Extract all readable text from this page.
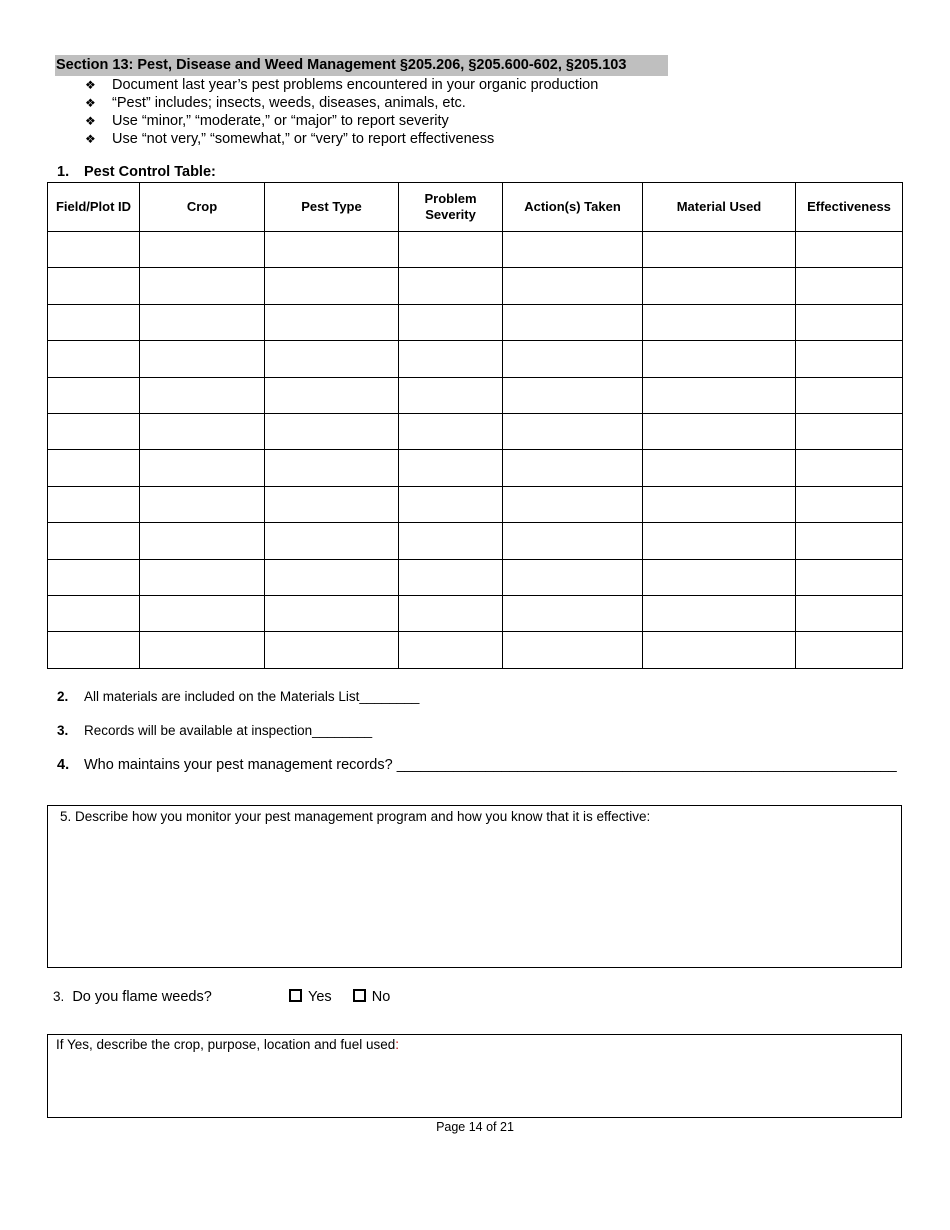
Section 13: Pest, Disease and Weed Management §205.206, §205.600-602, §205.103
❖ Document last year’s pest problems encountered in your organic production
❖ “Pest” includes; insects, weeds, diseases, animals, etc.
❖ Use “minor,” “moderate,” or “major” to report severity
❖ Use “not very,” “somewhat,” or “very” to report effectiveness
1. Pest Control Table:
Field/Plot ID	Crop	Pest Type	Problem Severity	Action(s) Taken	Material Used	Effectiveness

2. All materials are included on the Materials List________
3. Records will be available at inspection________
4. Who maintains your pest management records? ______________________________________________________________
5. Describe how you monitor your pest management program and how you know that it is effective:
3. Do you flame weeds?	Yes	No
If Yes, describe the crop, purpose, location and fuel used:
Page 14 of 21
